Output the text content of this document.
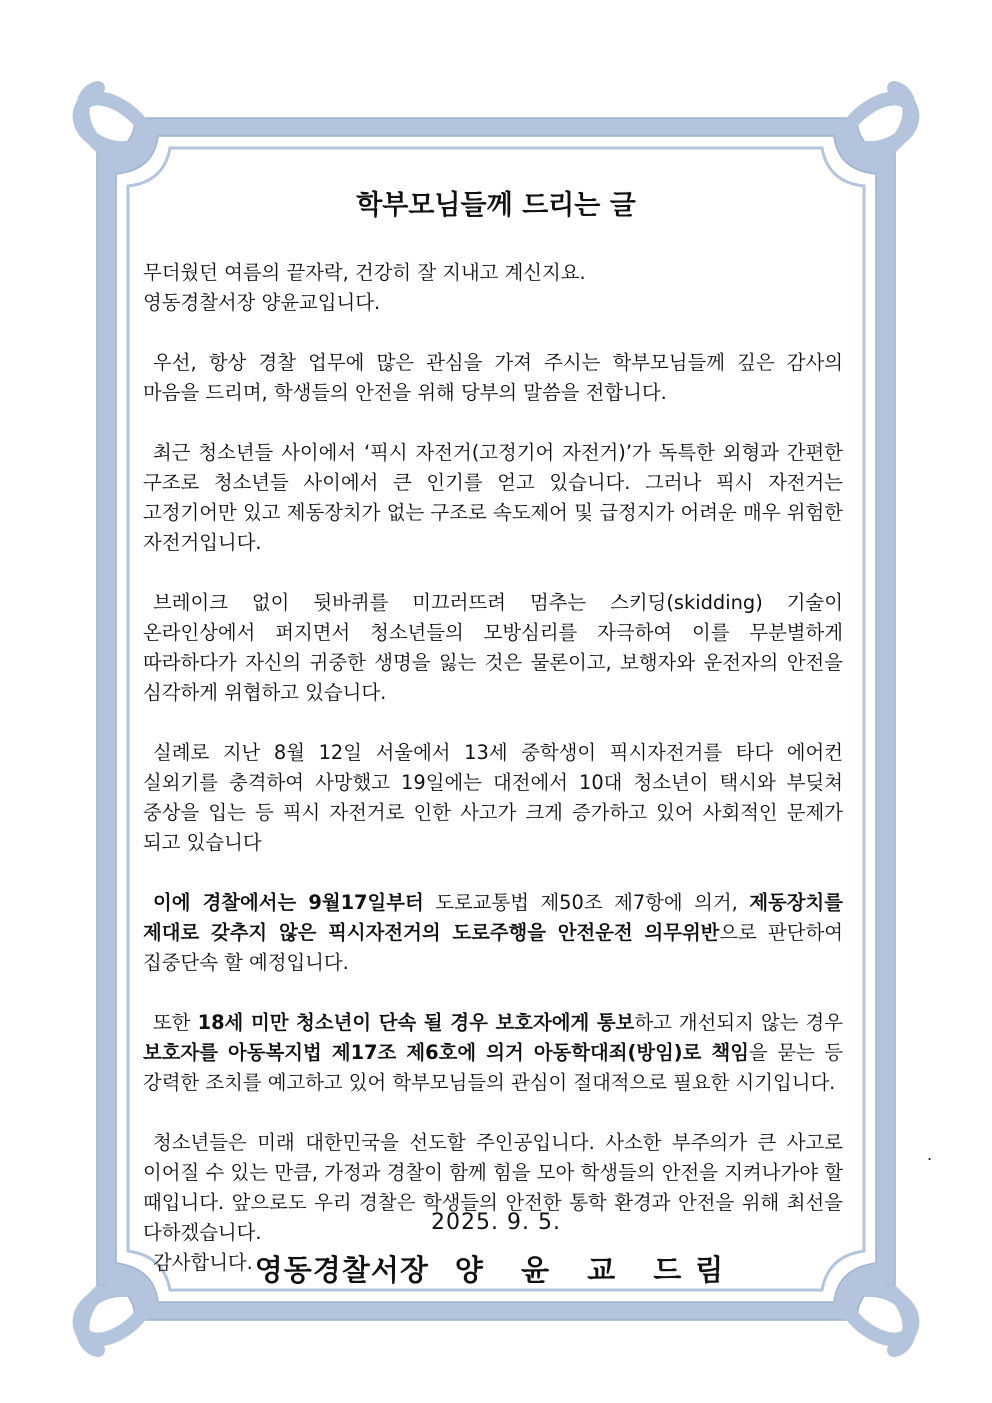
학부모님들께 드리는 글
무더웠던 여름의 끝자락, 건강히 잘 지내고 계신지요.
영동경찰서장 양윤교입니다.
우선, 항상 경찰 업무에 많은 관심을 가져 주시는 학부모님들께 깊은 감사의 마음을 드리며, 학생들의 안전을 위해 당부의 말씀을 전합니다.
최근 청소년들 사이에서 ‘픽시 자전거(고정기어 자전거)’가 독특한 외형과 간편한 구조로 청소년들 사이에서 큰 인기를 얻고 있습니다. 그러나 픽시 자전거는 고정기어만 있고 제동장치가 없는 구조로 속도제어 및 급정지가 어려운 매우 위험한 자전거입니다.
브레이크 없이 뒷바퀴를 미끄러뜨려 멈추는 스키딩(skidding) 기술이 온라인상에서 퍼지면서 청소년들의 모방심리를 자극하여 이를 무분별하게 따라하다가 자신의 귀중한 생명을 잃는 것은 물론이고, 보행자와 운전자의 안전을 심각하게 위협하고 있습니다.
실례로 지난 8월 12일 서울에서 13세 중학생이 픽시자전거를 타다 에어컨 실외기를 충격하여 사망했고 19일에는 대전에서 10대 청소년이 택시와 부딪쳐 중상을 입는 등 픽시 자전거로 인한 사고가 크게 증가하고 있어 사회적인 문제가 되고 있습니다
이에 경찰에서는 9월17일부터 도로교통법 제50조 제7항에 의거, 제동장치를 제대로 갖추지 않은 픽시자전거의 도로주행을 안전운전 의무위반으로 판단하여 집중단속 할 예정입니다.
또한 18세 미만 청소년이 단속 될 경우 보호자에게 통보하고 개선되지 않는 경우 보호자를 아동복지법 제17조 제6호에 의거 아동학대죄(방임)로 책임을 묻는 등 강력한 조치를 예고하고 있어 학부모님들의 관심이 절대적으로 필요한 시기입니다.
청소년들은 미래 대한민국을 선도할 주인공입니다. 사소한 부주의가 큰 사고로 이어질 수 있는 만큼, 가정과 경찰이 함께 힘을 모아 학생들의 안전을 지켜나가야 할 때입니다. 앞으로도 우리 경찰은 학생들의 안전한 통학 환경과 안전을 위해 최선을 다하겠습니다.
감사합니다.
.
2025. 9. 5.
영동경찰서장 양 윤 교 드림
